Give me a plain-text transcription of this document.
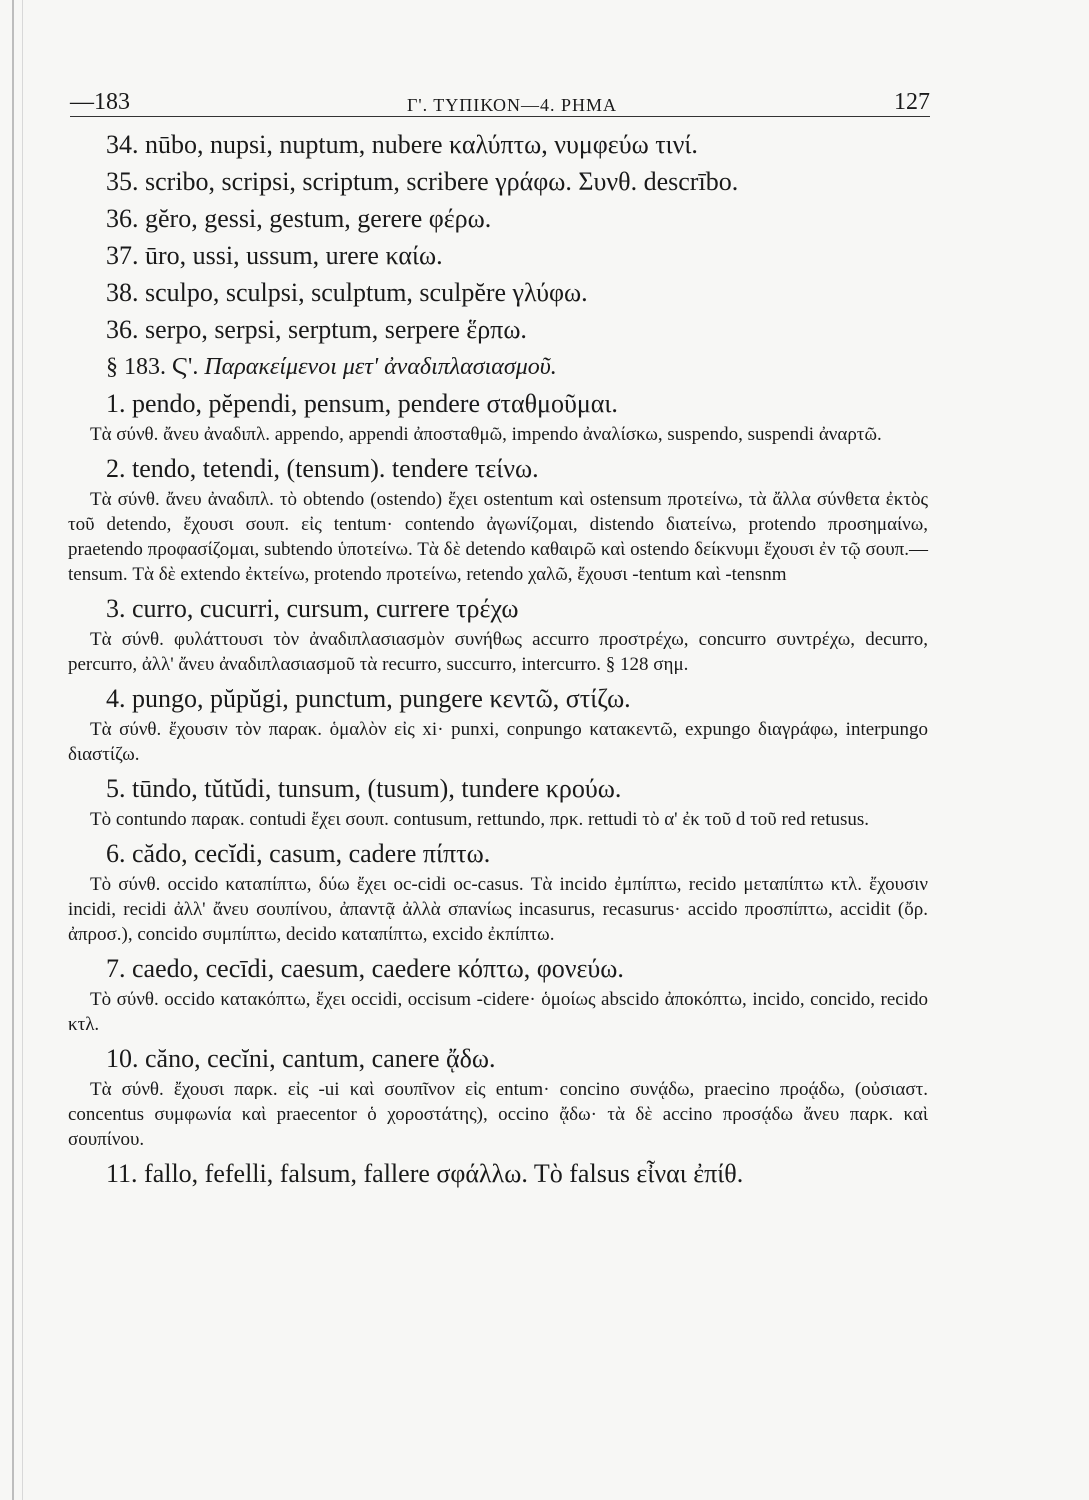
—183	Γ'. ΤΥΠΙΚΟΝ—4. ΡΗΜΑ	127
34. nūbo, nupsi, nuptum, nubere καλύπτω, νυμφεύω τινί.
35. scribo, scripsi, scriptum, scribere γράφω. Συνθ. descrībo.
36. gĕro, gessi, gestum, gerere φέρω.
37. ūro, ussi, ussum, urere καίω.
38. sculpo, sculpsi, sculptum, sculpĕre γλύφω.
36. serpo, serpsi, serptum, serpere ἕρπω.
§ 183. Ϛ'. Παρακείμενοι μετ' ἀναδιπλασιασμοῦ.
1. pendo, pĕpendi, pensum, pendere σταθμοῦμαι.
Τὰ σύνθ. ἄνευ ἀναδιπλ. appendo, appendi ἀποσταθμῶ, impendo ἀναλίσκω, suspendo, suspendi ἀναρτῶ.
2. tendo, tetendi, (tensum). tendere τείνω.
Τὰ σύνθ. ἄνευ ἀναδιπλ. τὸ obtendo (ostendo) ἔχει ostentum καὶ ostensum προτείνω, τὰ ἄλλα σύνθετα ἐκτὸς τοῦ detendo, ἔχουσι σουπ. εἰς tentum· contendo ἀγωνίζομαι, distendo διατείνω, protendo προσημαίνω, praetendo προφασίζομαι, subtendo ὑποτείνω. Τὰ δὲ detendo καθαιρῶ καὶ ostendo δείκνυμι ἔχουσι ἐν τῷ σουπ.—tensum. Τὰ δὲ extendo ἐκτείνω, protendo προτείνω, retendo χαλῶ, ἔχουσι -tentum καὶ -tensnm
3. curro, cucurri, cursum, currere τρέχω
Τὰ σύνθ. φυλάττουσι τὸν ἀναδιπλασιασμὸν συνήθως accurro προστρέχω, concurro συντρέχω, decurro, percurro, ἀλλ' ἄνευ ἀναδιπλασιασμοῦ τὰ recurro, succurro, intercurro. § 128 σημ.
4. pungo, pŭpŭgi, punctum, pungere κεντῶ, στίζω.
Τὰ σύνθ. ἔχουσιν τὸν παρακ. ὁμαλὸν εἰς xi· punxi, conpungo κατακεντῶ, expungo διαγράφω, interpungo διαστίζω.
5. tūndo, tŭtŭdi, tunsum, (tusum), tundere κρούω.
Τὸ contundo παρακ. contudi ἔχει σουπ. contusum, rettundo, πρκ. rettudi τὸ α' ἐκ τοῦ d τοῦ red retusus.
6. cădo, cecĭdi, casum, cadere πίπτω.
Τὸ σύνθ. occido καταπίπτω, δύω ἔχει oc-cidi oc-casus. Τὰ incido ἐμπίπτω, recido μεταπίπτω κτλ. ἔχουσιν incidi, recidi ἀλλ' ἄνευ σουπίνου, ἀπαντᾷ ἀλλὰ σπανίως incasurus, recasurus· accido προσπίπτω, accidit (ὄρ. ἀπροσ.), concido συμπίπτω, decido καταπίπτω, excido ἐκπίπτω.
7. caedo, cecīdi, caesum, caedere κόπτω, φονεύω.
Τὸ σύνθ. occido κατακόπτω, ἔχει occidi, occisum -cidere· ὁμοίως abscido ἀποκόπτω, incido, concido, recido κτλ.
10. căno, cecĭni, cantum, canere ᾄδω.
Τὰ σύνθ. ἔχουσι παρκ. εἰς -ui καὶ σουπῖνον εἰς entum· concino συνᾴδω, praecino προᾴδω, (οὐσιαστ. concentus συμφωνία καὶ praecentor ὁ χοροστάτης), occino ᾄδω· τὰ δὲ accino προσᾴδω ἄνευ παρκ. καὶ σουπίνου.
11. fallo, fefelli, falsum, fallere σφάλλω. Τὸ falsus εἶναι ἐπίθ.
